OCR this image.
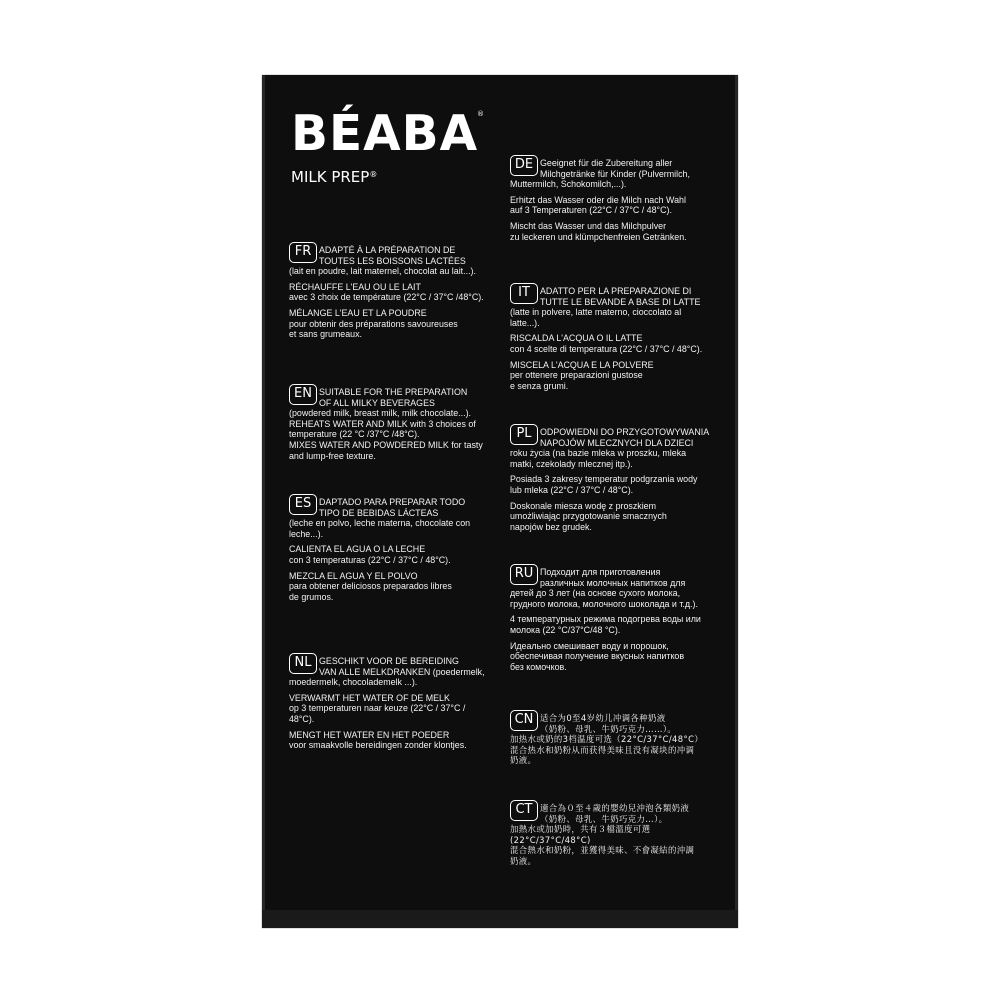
BÉABA
®
MILK PREP®
FR ADAPTÉ À LA PRÉPARATION DE

TOUTES LES BOISSONS LACTÉES

(lait en poudre, lait maternel, chocolat au lait...).

RÉCHAUFFE L'EAU OU LE LAIT

avec 3 choix de température (22°C / 37°C /48°C).

MÉLANGE L'EAU ET LA POUDRE

pour obtenir des préparations savoureuses

et sans grumeaux.

EN SUITABLE FOR THE PREPARATION

OF ALL MILKY BEVERAGES

(powdered milk, breast milk, milk chocolate...).

REHEATS WATER AND MILK with 3 choices of

temperature (22 °C /37°C /48°C).

MIXES WATER AND POWDERED MILK for tasty

and lump-free texture.

ES DAPTADO PARA PREPARAR TODO

TIPO DE BEBIDAS LÁCTEAS

(leche en polvo, leche materna, chocolate con

leche...).

CALIENTA EL AGUA O LA LECHE

con 3 temperaturas (22°C / 37°C / 48°C).

MEZCLA EL AGUA Y EL POLVO

para obtener deliciosos preparados libres

de grumos.

NL GESCHIKT VOOR DE BEREIDING

VAN ALLE MELKDRANKEN (poedermelk,

moedermelk, chocolademelk ...).

VERWARMT HET WATER OF DE MELK

op 3 temperaturen naar keuze (22°C / 37°C /

48°C).

MENGT HET WATER EN HET POEDER

voor smaakvolle bereidingen zonder klontjes.

DE Geeignet für die Zubereitung aller

Milchgetränke für Kinder (Pulvermilch,

Muttermilch, Schokomilch,...).

Erhitzt das Wasser oder die Milch nach Wahl

auf 3 Temperaturen (22°C / 37°C / 48°C).

Mischt das Wasser und das Milchpulver

zu leckeren und klümpchenfreien Getränken.

IT	ADATTO PER LA PREPARAZIONE DI

TUTTE LE BEVANDE A BASE DI LATTE

(latte in polvere, latte materno, cioccolato al

latte...).

RISCALDA L'ACQUA O IL LATTE

con 4 scelte di temperatura (22°C / 37°C / 48°C).

MISCELA L'ACQUA E LA POLVERE

per ottenere preparazioni gustose

e senza grumi.

PL ODPOWIEDNI DO PRZYGOTOWYWANIA

NAPOJÓW MLECZNYCH DLA DZIECI

roku życia (na bazie mleka w proszku, mleka

matki, czekolady mlecznej itp.).

Posiada 3 zakresy temperatur podgrzania wody

lub mleka (22°C / 37°C / 48°C).

Doskonale miesza wodę z proszkiem

umożliwiając przygotowanie smacznych

napojów bez grudek.

RU Подходит для приготовления

различных молочных напитков для

детей до 3 лет (на основе сухого молока,

грудного молока, молочного шоколада и т.д.).

4 температурных режима подогрева воды или

молока (22 °C/37°C/48 °C).

Идеально смешивает воду и порошок,

обеспечивая получение вкусных напитков

без комочков.

CN 适合为0至4岁幼儿冲调各种奶液

（奶粉、母乳、牛奶巧克力……）。

加热水或奶的3档温度可选（22°C/37°C/48°C）

混合热水和奶粉从而获得美味且没有凝块的冲调

奶液。

CT 適合為０至４歲的嬰幼兒沖泡各類奶液

（奶粉、母乳、牛奶巧克力…）。

加熱水或加奶時，共有３檔溫度可選

(22°C/37°C/48°C)

混合熱水和奶粉，並獲得美味、不會凝結的沖調

奶液。
